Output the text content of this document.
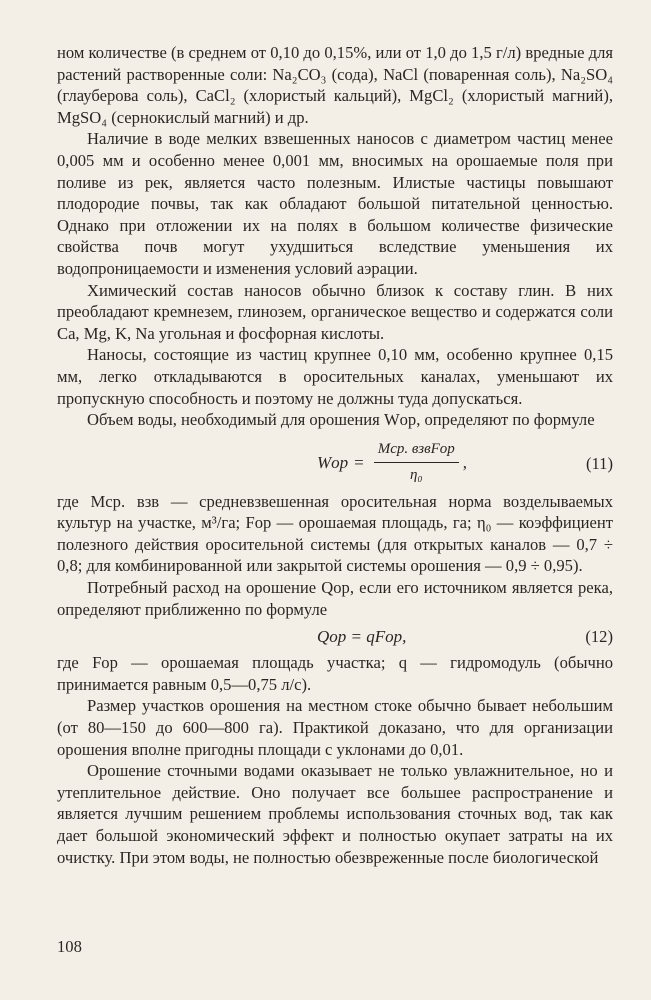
ном количестве (в среднем от 0,10 до 0,15%, или от 1,0 до 1,5 г/л) вредные для растений растворенные соли: Na₂CO₃ (сода), NaCl (поваренная соль), Na₂SO₄ (глауберова соль), CaCl₂ (хлористый кальций), MgCl₂ (хлористый магний), MgSO₄ (сернокислый магний) и др.

Наличие в воде мелких взвешенных наносов с диаметром частиц менее 0,005 мм и особенно менее 0,001 мм, вносимых на орошаемые поля при поливе из рек, является часто полезным. Илистые частицы повышают плодородие почвы, так как обладают большой питательной ценностью. Однако при отложении их на полях в большом количестве физические свойства почв могут ухудшиться вследствие уменьшения их водопроницаемости и изменения условий аэрации.

Химический состав наносов обычно близок к составу глин. В них преобладают кремнезем, глинозем, органическое вещество и содержатся соли Ca, Mg, K, Na угольная и фосфорная кислоты.

Наносы, состоящие из частиц крупнее 0,10 мм, особенно крупнее 0,15 мм, легко откладываются в оросительных каналах, уменьшают их пропускную способность и поэтому не должны туда допускаться.

Объем воды, необходимый для орошения Wор, определяют по формуле

Wор = $\frac{\text{Mср. взвFор}}{\text{η₀}}$ ,	(11)

где Mср. взв — средневзвешенная оросительная норма возделываемых культур на участке, м³/га; Fор — орошаемая площадь, га; η₀ — коэффициент полезного действия оросительной системы (для открытых каналов — 0,7 ÷ 0,8; для комбинированной или закрытой системы орошения — 0,9 ÷ 0,95).

Потребный расход на орошение Qор, если его источником является река, определяют приближенно по формуле

Qор = qFор,	(12)

где Fор — орошаемая площадь участка; q — гидромодуль (обычно принимается равным 0,5—0,75 л/с).

Размер участков орошения на местном стоке обычно бывает небольшим (от 80—150 до 600—800 га). Практикой доказано, что для организации орошения вполне пригодны площади с уклонами до 0,01.

Орошение сточными водами оказывает не только увлажнительное, но и утеплительное действие. Оно получает все большее распространение и является лучшим решением проблемы использования сточных вод, так как дает большой экономический эффект и полностью окупает затраты на их очистку. При этом воды, не полностью обезвреженные после биологической

108
